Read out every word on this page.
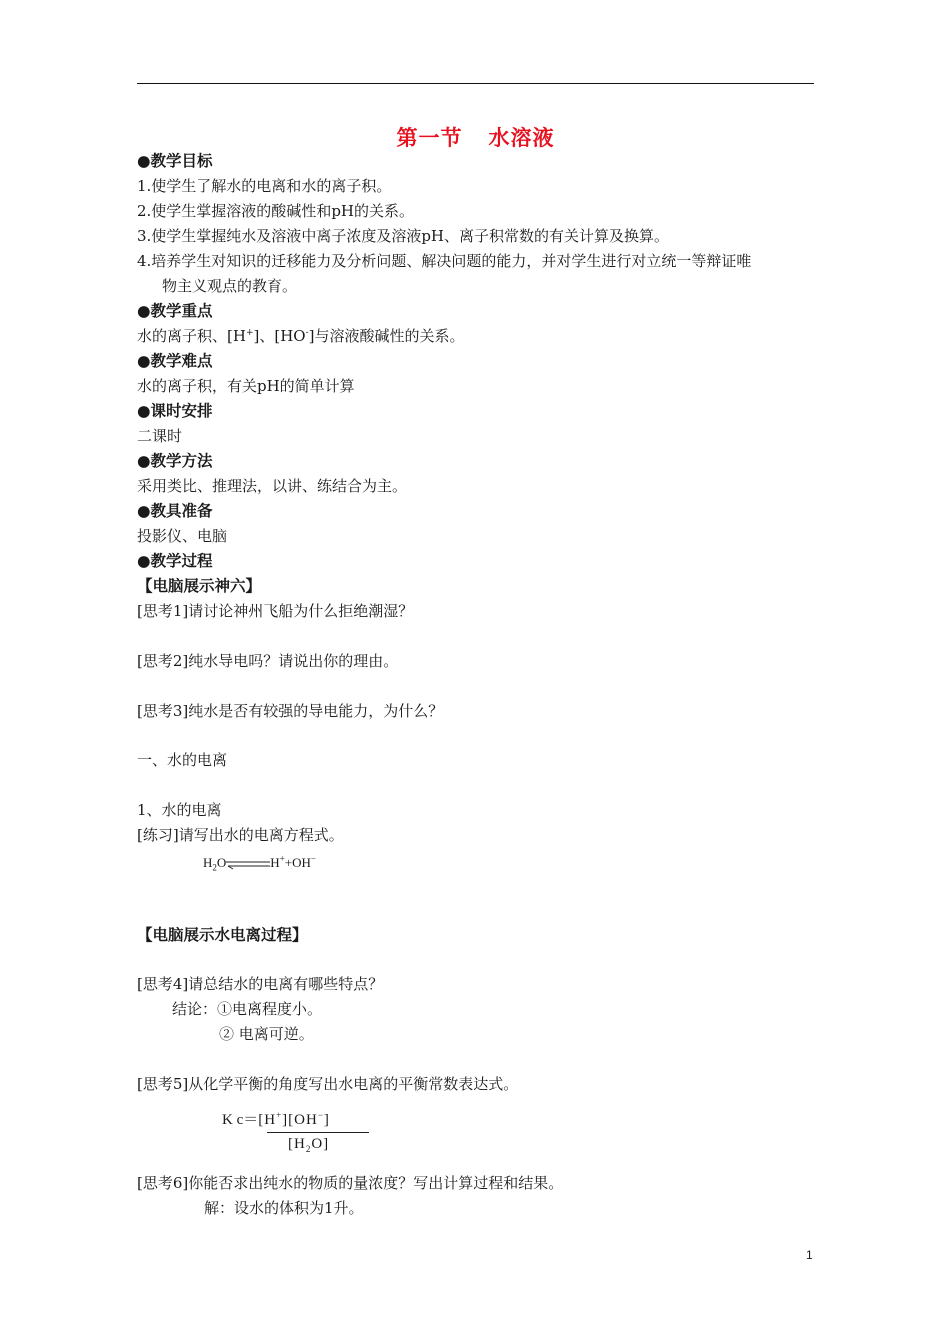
第一节 水溶液
●教学目标
1.使学生了解水的电离和水的离子积。
2.使学生掌握溶液的酸碱性和pH的关系。
3.使学生掌握纯水及溶液中离子浓度及溶液pH、离子积常数的有关计算及换算。
4.培养学生对知识的迁移能力及分析问题、解决问题的能力，并对学生进行对立统一等辩证唯
物主义观点的教育。
●教学重点
水的离子积、[H+]、[HO-]与溶液酸碱性的关系。
●教学难点
水的离子积，有关pH的简单计算
●课时安排
二课时
●教学方法
采用类比、推理法，以讲、练结合为主。
●教具准备
投影仪、电脑
●教学过程
【电脑展示神六】
[思考1]请讨论神州飞船为什么拒绝潮湿？
[思考2]纯水导电吗？请说出你的理由。
[思考3]纯水是否有较强的导电能力，为什么？
一、水的电离
1、水的电离
[练习]请写出水的电离方程式。
$H_2O$	H++OH−
【电脑展示水电离过程】
[思考4]请总结水的电离有哪些特点？
结论：①电离程度小。
② 电离可逆。
[思考5]从化学平衡的角度写出水电离的平衡常数表达式。
K c＝[H+][OH−]
$[H_2O]$
[思考6]你能否求出纯水的物质的量浓度？写出计算过程和结果。
解：设水的体积为1升。
1
